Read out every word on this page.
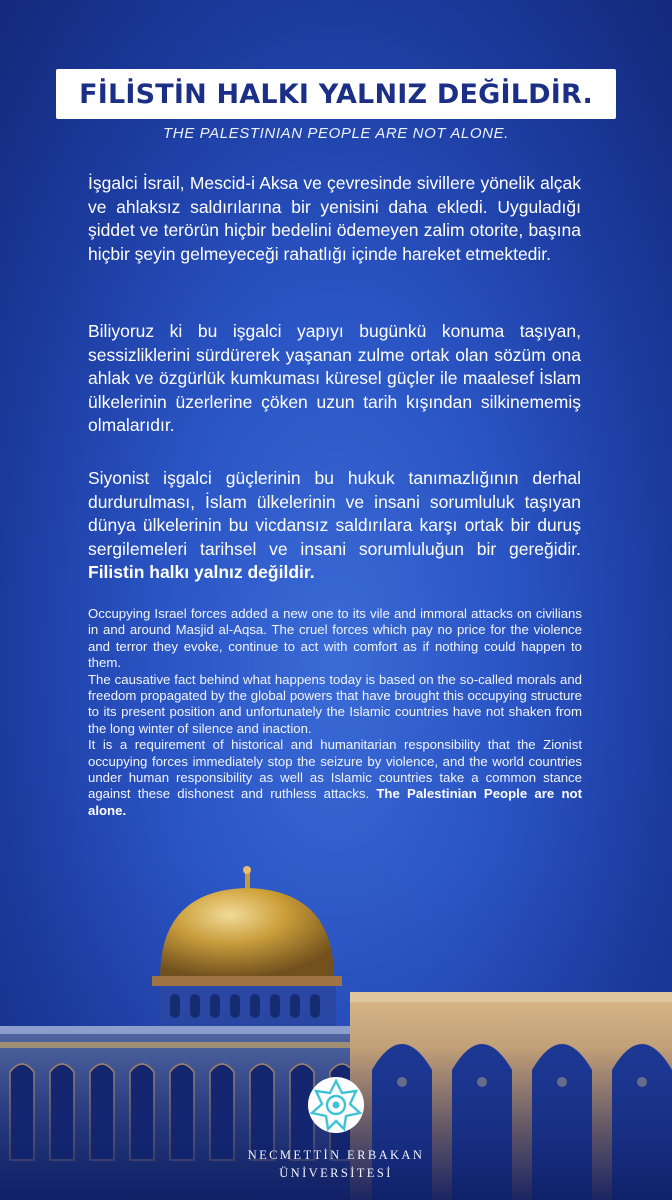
FİLİSTİN HALKI YALNIZ DEĞİLDİR.
THE PALESTINIAN PEOPLE ARE NOT ALONE.

İşgalci İsrail, Mescid-i Aksa ve çevresinde sivillere yönelik alçak ve ahlaksız saldırılarına bir yenisini daha ekledi. Uyguladığı şiddet ve terörün hiçbir bedelini ödemeyen zalim otorite, başına hiçbir şeyin gelmeyeceği rahatlığı içinde hareket etmektedir.

Biliyoruz ki bu işgalci yapıyı bugünkü konuma taşıyan, sessizliklerini sürdürerek yaşanan zulme ortak olan sözüm ona ahlak ve özgürlük kumkuması küresel güçler ile maalesef İslam ülkelerinin üzerlerine çöken uzun tarih kışından silkinememiş olmalarıdır.

Siyonist işgalci güçlerinin bu hukuk tanımazlığının derhal durdurulması, İslam ülkelerinin ve insani sorumluluk taşıyan dünya ülkelerinin bu vicdansız saldırılara karşı ortak bir duruş sergilemeleri tarihsel ve insani sorumluluğun bir gereğidir. Filistin halkı yalnız değildir.

Occupying Israel forces added a new one to its vile and immoral attacks on civilians in and around Masjid al-Aqsa. The cruel forces which pay no price for the violence and terror they evoke, continue to act with comfort as if nothing could happen to them.

The causative fact behind what happens today is based on the so-called morals and freedom propagated by the global powers that have brought this occupying structure to its present position and unfortunately the Islamic countries have not shaken from the long winter of silence and inaction.

It is a requirement of historical and humanitarian responsibility that the Zionist occupying forces immediately stop the seizure by violence, and the world countries under human responsibility as well as Islamic countries take a common stance against these dishonest and ruthless attacks. The Palestinian People are not alone.

NECMETTİN ERBAKAN
ÜNİVERSİTESİ
